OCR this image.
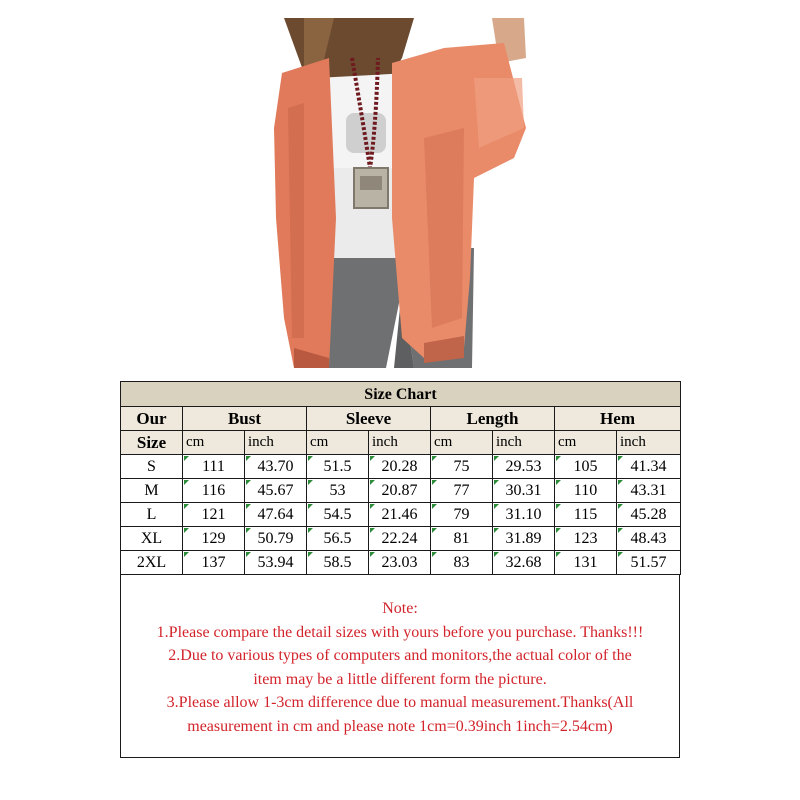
Size Chart								
Our	Bust		Sleeve		Length		Hem	
Size	cm	inch	cm	inch	cm	inch	cm	inch
S	111	43.70	51.5	20.28	75	29.53	105	41.34
M	116	45.67	53	20.87	77	30.31	110	43.31
L	121	47.64	54.5	21.46	79	31.10	115	45.28
XL	129	50.79	56.5	22.24	81	31.89	123	48.43
2XL	137	53.94	58.5	23.03	83	32.68	131	51.57
Note:
1.Please compare the detail sizes with yours before you purchase. Thanks!!!
2.Due to various types of computers and monitors,the actual color of the
item may be a little different form the picture.
3.Please allow 1-3cm difference due to manual measurement.Thanks(All
measurement in cm and please note 1cm=0.39inch 1inch=2.54cm)
